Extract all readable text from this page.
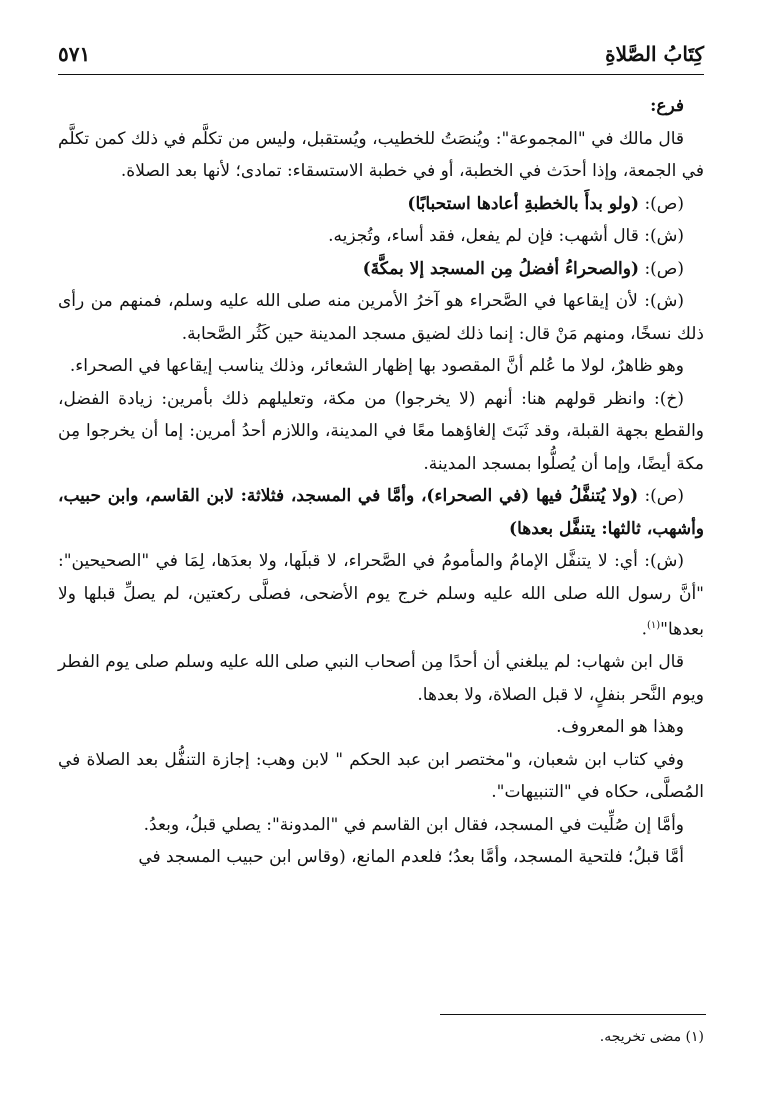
كِتَابُ الصَّلاةِ
٥٧١

فرع:

قال مالك في "المجموعة": ويُنصَتُ للخطيب، ويُستقبل، وليس من تكلَّم في ذلك كمن تكلَّم في الجمعة، وإذا أحدَث في الخطبة، أو في خطبة الاستسقاء: تمادى؛ لأنها بعد الصلاة.

(ص): (ولو بدأَ بالخطبةِ أعادها استحبابًا)

(ش): قال أشهب: فإن لم يفعل، فقد أساء، وتُجزيه.

(ص): (والصحراءُ أفضلُ مِن المسجد إلا بمكَّةَ)

(ش): لأن إيقاعها في الصَّحراء هو آخرُ الأمرين منه صلى الله عليه وسلم، فمنهم من رأى ذلك نسخًا، ومنهم مَنْ قال: إنما ذلك لضيق مسجد المدينة حين كَثُر الصَّحابة.

وهو ظاهرٌ، لولا ما عُلم أنَّ المقصود بها إظهار الشعائر، وذلك يناسب إيقاعها في الصحراء.

(خ): وانظر قولهم هنا: أنهم (لا يخرجوا) من مكة، وتعليلهم ذلك بأمرين: زيادة الفضل، والقطع بجهة القبلة، وقد ثَبَتَ إلغاؤهما معًا في المدينة، واللازم أحدُ أمرين: إما أن يخرجوا مِن مكة أيضًا، وإما أن يُصلُّوا بمسجد المدينة.

(ص): (ولا يُتنفَّلُ فيها (في الصحراء)، وأمَّا في المسجد، فثلاثة: لابن القاسم، وابن حبيب، وأشهب، ثالثها: يتنفَّل بعدها)

(ش): أي: لا يتنفَّل الإمامُ والمأمومُ في الصَّحراء، لا قبلَها، ولا بعدَها، لِمَا في "الصحيحين": "أنَّ رسول الله صلى الله عليه وسلم خرج يوم الأضحى، فصلَّى ركعتين، لم يصلِّ قبلها ولا بعدها"$^{(١)}$.

قال ابن شهاب: لم يبلغني أن أحدًا مِن أصحاب النبي صلى الله عليه وسلم صلى يوم الفطر ويوم النَّحر بنفلٍ، لا قبل الصلاة، ولا بعدها.

وهذا هو المعروف.

وفي كتاب ابن شعبان، و"مختصر ابن عبد الحكم " لابن وهب: إجازة التنفُّل بعد الصلاة في المُصلَّى، حكاه في "التنبيهات".

وأمَّا إن صُلِّيت في المسجد، فقال ابن القاسم في "المدونة": يصلي قبلُ، وبعدُ.

أمَّا قبلُ؛ فلتحية المسجد، وأمَّا بعدُ؛ فلعدم المانع، (وقاس ابن حبيب المسجد في

(١) مضى تخريجه.
